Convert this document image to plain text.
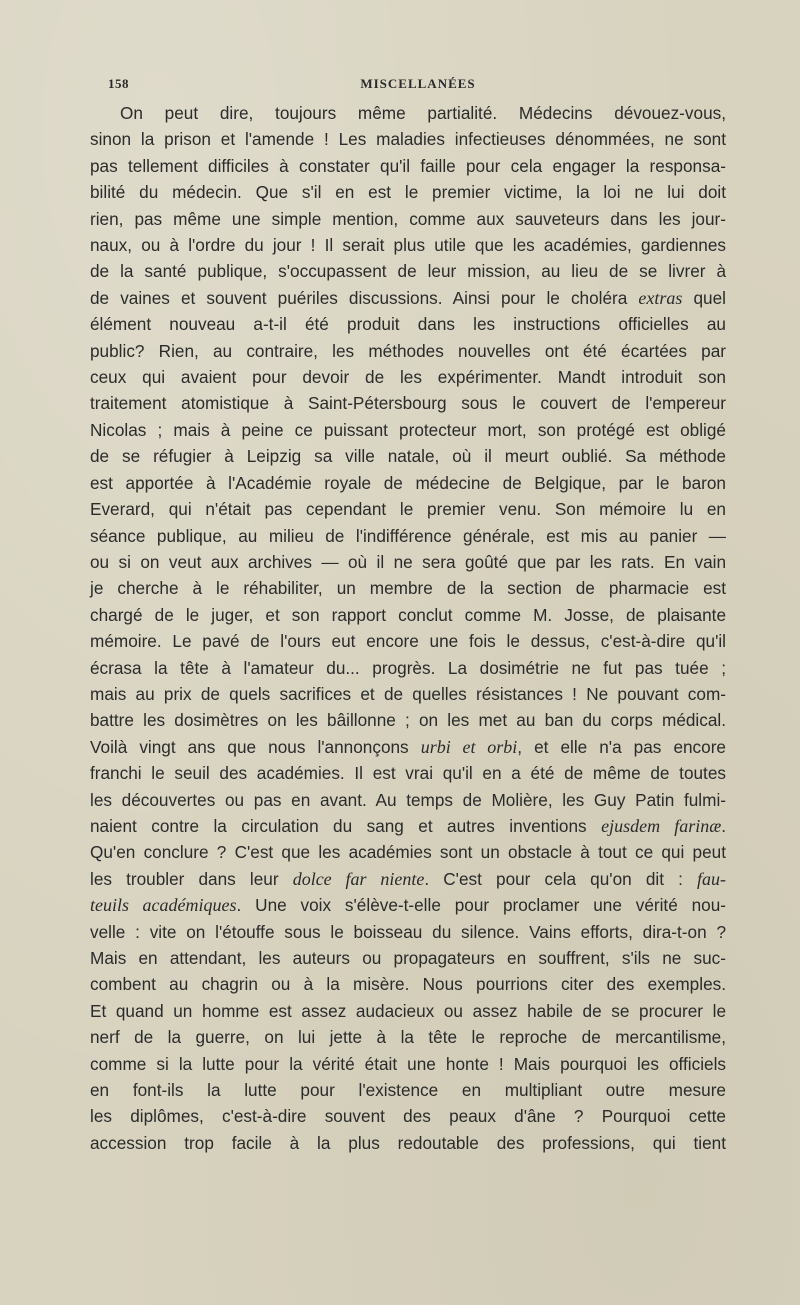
158	MISCELLANÉES
On peut dire, toujours même partialité. Médecins dévouez-vous,
sinon la prison et l'amende ! Les maladies infectieuses dénommées, ne sont
pas tellement difficiles à constater qu'il faille pour cela engager la responsa-
bilité du médecin. Que s'il en est le premier victime, la loi ne lui doit
rien, pas même une simple mention, comme aux sauveteurs dans les jour-
naux, ou à l'ordre du jour ! Il serait plus utile que les académies, gardiennes
de la santé publique, s'occupassent de leur mission, au lieu de se livrer à
de vaines et souvent puériles discussions. Ainsi pour le choléra extras quel
élément nouveau a-t-il été produit dans les instructions officielles au
public? Rien, au contraire, les méthodes nouvelles ont été écartées par
ceux qui avaient pour devoir de les expérimenter. Mandt introduit son
traitement atomistique à Saint-Pétersbourg sous le couvert de l'empereur
Nicolas ; mais à peine ce puissant protecteur mort, son protégé est obligé
de se réfugier à Leipzig sa ville natale, où il meurt oublié. Sa méthode
est apportée à l'Académie royale de médecine de Belgique, par le baron
Everard, qui n'était pas cependant le premier venu. Son mémoire lu en
séance publique, au milieu de l'indifférence générale, est mis au panier —
ou si on veut aux archives — où il ne sera goûté que par les rats. En vain
je cherche à le réhabiliter, un membre de la section de pharmacie est
chargé de le juger, et son rapport conclut comme M. Josse, de plaisante
mémoire. Le pavé de l'ours eut encore une fois le dessus, c'est-à-dire qu'il
écrasa la tête à l'amateur du... progrès. La dosimétrie ne fut pas tuée ;
mais au prix de quels sacrifices et de quelles résistances ! Ne pouvant com-
battre les dosimètres on les bâillonne ; on les met au ban du corps médical.
Voilà vingt ans que nous l'annonçons urbi et orbi, et elle n'a pas encore
franchi le seuil des académies. Il est vrai qu'il en a été de même de toutes
les découvertes ou pas en avant. Au temps de Molière, les Guy Patin fulmi-
naient contre la circulation du sang et autres inventions ejusdem farinæ.
Qu'en conclure ? C'est que les académies sont un obstacle à tout ce qui peut
les troubler dans leur dolce far niente. C'est pour cela qu'on dit : fau-
teuils académiques. Une voix s'élève-t-elle pour proclamer une vérité nou-
velle : vite on l'étouffe sous le boisseau du silence. Vains efforts, dira-t-on ?
Mais en attendant, les auteurs ou propagateurs en souffrent, s'ils ne suc-
combent au chagrin ou à la misère. Nous pourrions citer des exemples.
Et quand un homme est assez audacieux ou assez habile de se procurer le
nerf de la guerre, on lui jette à la tête le reproche de mercantilisme,
comme si la lutte pour la vérité était une honte ! Mais pourquoi les officiels
en font-ils la lutte pour l'existence en multipliant outre mesure
les diplômes, c'est-à-dire souvent des peaux d'âne ? Pourquoi cette
accession trop facile à la plus redoutable des professions, qui tient
